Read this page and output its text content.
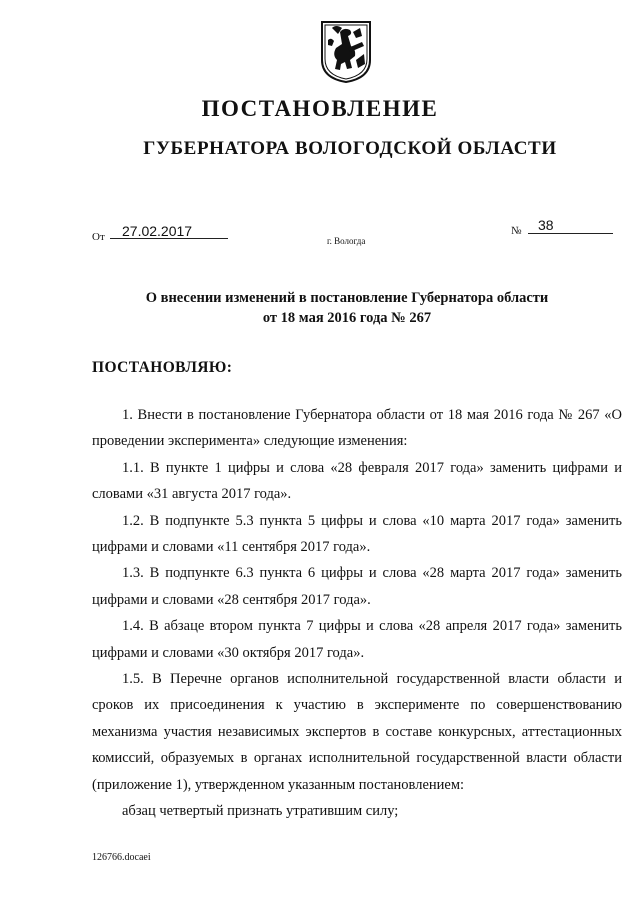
ПОСТАНОВЛЕНИЕ
ГУБЕРНАТОРА ВОЛОГОДСКОЙ ОБЛАСТИ
От 27.02.2017	№ 38
г. Вологда
О внесении изменений в постановление Губернатора области
от 18 мая 2016 года № 267
ПОСТАНОВЛЯЮ:

1. Внести в постановление Губернатора области от 18 мая 2016 года № 267 «О проведении эксперимента» следующие изменения:

1.1. В пункте 1 цифры и слова «28 февраля 2017 года» заменить цифрами и словами «31 августа 2017 года».

1.2. В подпункте 5.3 пункта 5 цифры и слова «10 марта 2017 года» заменить цифрами и словами «11 сентября 2017 года».

1.3. В подпункте 6.3 пункта 6 цифры и слова «28 марта 2017 года» заменить цифрами и словами «28 сентября 2017 года».

1.4. В абзаце втором пункта 7 цифры и слова «28 апреля 2017 года» заменить цифрами и словами «30 октября 2017 года».

1.5. В Перечне органов исполнительной государственной власти области и сроков их присоединения к участию в эксперименте по совершенствованию механизма участия независимых экспертов в составе конкурсных, аттестационных комиссий, образуемых в органах исполнительной государственной власти области (приложение 1), утвержденном указанным постановлением:

абзац четвертый признать утратившим силу;

126766.docaei
